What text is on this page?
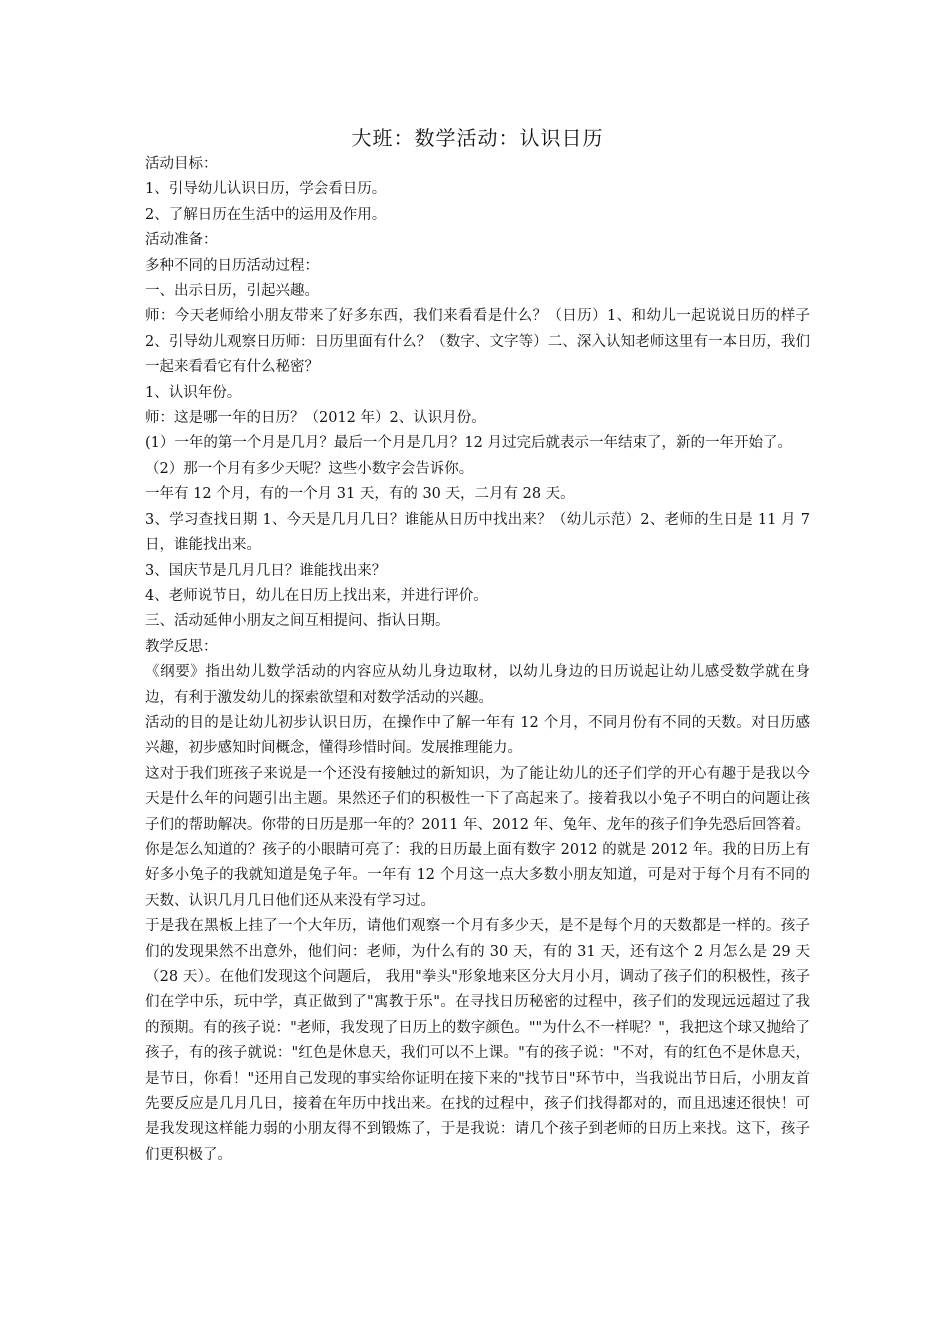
大班：数学活动：认识日历

活动目标：

1、引导幼儿认识日历，学会看日历。

2、了解日历在生活中的运用及作用。

活动准备：

多种不同的日历活动过程：

一、出示日历，引起兴趣。

师：今天老师给小朋友带来了好多东西，我们来看看是什么？（日历）1、和幼儿一起说说日历的样子 2、引导幼儿观察日历师：日历里面有什么？（数字、文字等）二、深入认知老师这里有一本日历，我们一起来看看它有什么秘密？

1、认识年份。

师：这是哪一年的日历？（2012 年）2、认识月份。

(1）一年的第一个月是几月？最后一个月是几月？12 月过完后就表示一年结束了，新的一年开始了。

（2）那一个月有多少天呢？这些小数字会告诉你。

一年有 12 个月，有的一个月 31 天，有的 30 天，二月有 28 天。

3、学习查找日期 1、今天是几月几日？谁能从日历中找出来？（幼儿示范）2、老师的生日是 11 月 7 日，谁能找出来。

3、国庆节是几月几日？谁能找出来？

4、老师说节日，幼儿在日历上找出来，并进行评价。

三、活动延伸小朋友之间互相提问、指认日期。

教学反思：

《纲要》指出幼儿数学活动的内容应从幼儿身边取材，以幼儿身边的日历说起让幼儿感受数学就在身边，有利于激发幼儿的探索欲望和对数学活动的兴趣。

活动的目的是让幼儿初步认识日历，在操作中了解一年有 12 个月，不同月份有不同的天数。对日历感兴趣，初步感知时间概念，懂得珍惜时间。发展推理能力。

这对于我们班孩子来说是一个还没有接触过的新知识，为了能让幼儿的还子们学的开心有趣于是我以今天是什么年的问题引出主题。果然还子们的积极性一下了高起来了。接着我以小兔子不明白的问题让孩子们的帮助解决。你带的日历是那一年的？2011 年、2012 年、兔年、龙年的孩子们争先恐后回答着。你是怎么知道的？孩子的小眼睛可亮了：我的日历最上面有数字 2012 的就是 2012 年。我的日历上有好多小兔子的我就知道是兔子年。一年有 12 个月这一点大多数小朋友知道，可是对于每个月有不同的天数、认识几月几日他们还从来没有学习过。

于是我在黑板上挂了一个大年历，请他们观察一个月有多少天，是不是每个月的天数都是一样的。孩子们的发现果然不出意外，他们问：老师，为什么有的 30 天，有的 31 天，还有这个 2 月怎么是 29 天（28 天）。在他们发现这个问题后， 我用"拳头"形象地来区分大月小月，调动了孩子们的积极性，孩子们在学中乐，玩中学，真正做到了"寓教于乐"。在寻找日历秘密的过程中，孩子们的发现远远超过了我的预期。有的孩子说："老师，我发现了日历上的数字颜色。""为什么不一样呢？"，我把这个球又抛给了孩子，有的孩子就说："红色是休息天，我们可以不上课。"有的孩子说："不对，有的红色不是休息天，是节日，你看！"还用自己发现的事实给你证明在接下来的"找节日"环节中，当我说出节日后，小朋友首先要反应是几月几日，接着在年历中找出来。在找的过程中，孩子们找得都对的，而且迅速还很快！可是我发现这样能力弱的小朋友得不到锻炼了，于是我说：请几个孩子到老师的日历上来找。这下，孩子们更积极了。
